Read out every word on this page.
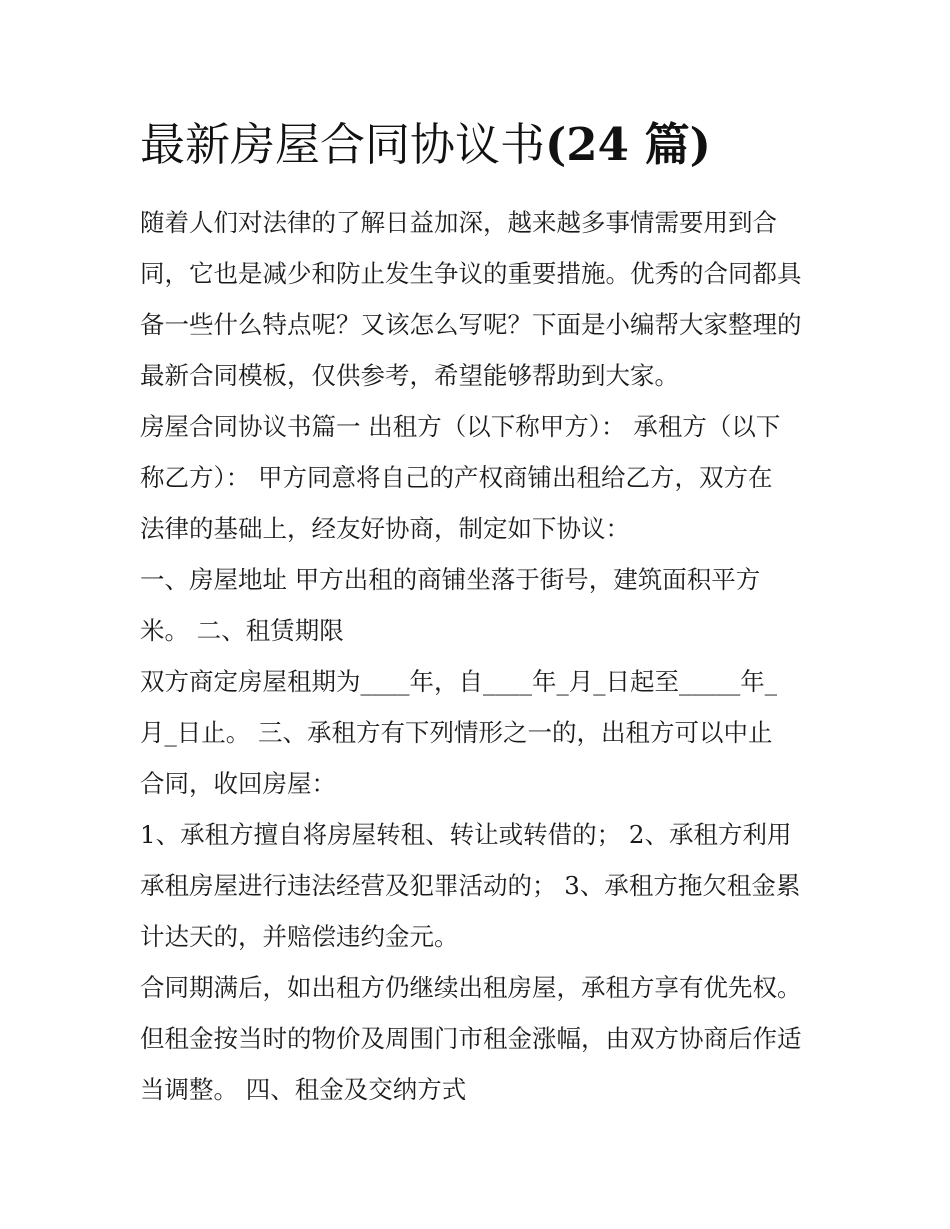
最新房屋合同协议书(24 篇)

随着人们对法律的了解日益加深，越来越多事情需要用到合
同，它也是减少和防止发生争议的重要措施。优秀的合同都具
备一些什么特点呢？又该怎么写呢？下面是小编帮大家整理的
最新合同模板，仅供参考，希望能够帮助到大家。

房屋合同协议书篇一 出租方（以下称甲方）： 承租方（以下
称乙方）： 甲方同意将自己的产权商铺出租给乙方，双方在
法律的基础上，经友好协商，制定如下协议：

一、房屋地址 甲方出租的商铺坐落于街号，建筑面积平方
米。 二、租赁期限

双方商定房屋租期为____年，自____年_月_日起至_____年_
月_日止。 三、承租方有下列情形之一的，出租方可以中止
合同，收回房屋：

1、承租方擅自将房屋转租、转让或转借的； 2、承租方利用
承租房屋进行违法经营及犯罪活动的； 3、承租方拖欠租金累
计达天的，并赔偿违约金元。

合同期满后，如出租方仍继续出租房屋，承租方享有优先权。
但租金按当时的物价及周围门市租金涨幅，由双方协商后作适
当调整。 四、租金及交纳方式
